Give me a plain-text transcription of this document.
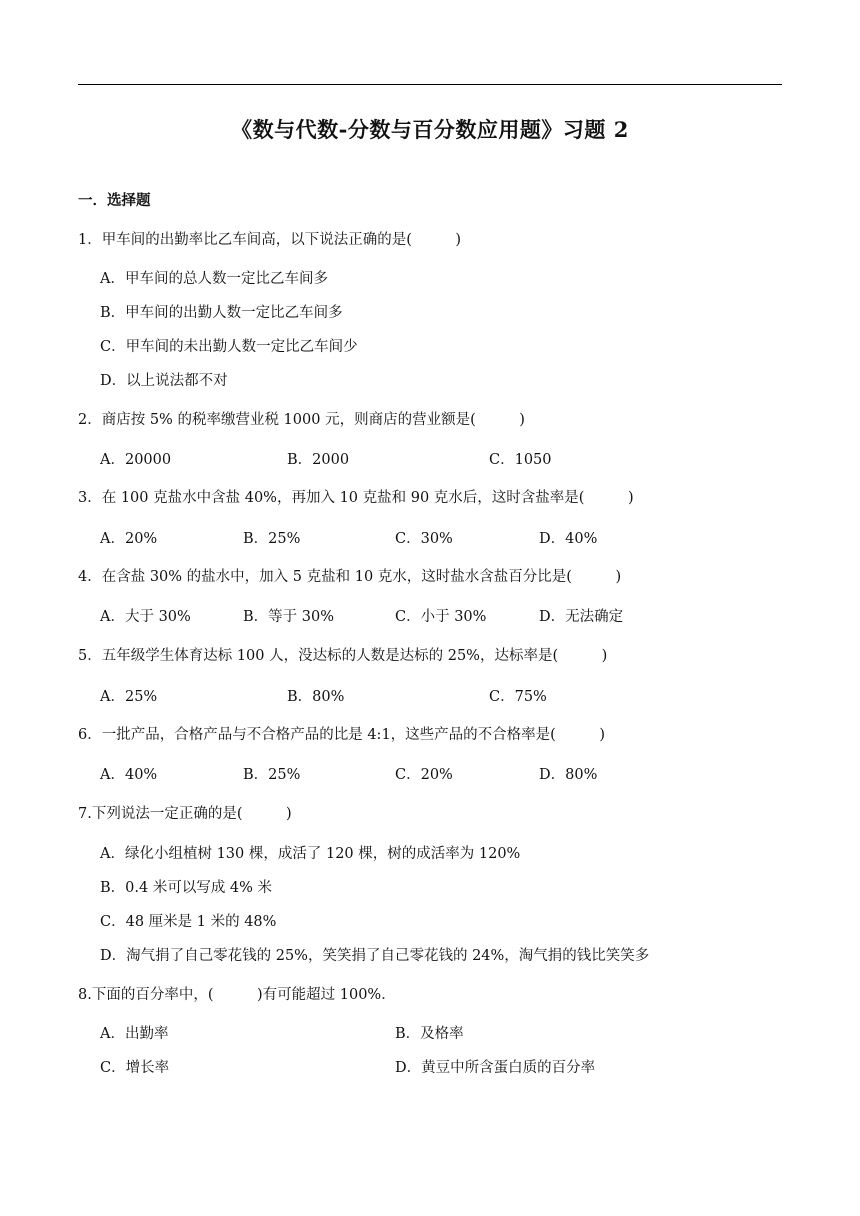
《数与代数-分数与百分数应用题》习题 2
一．选择题
1．甲车间的出勤率比乙车间高，以下说法正确的是(　　　)
A．甲车间的总人数一定比乙车间多
B．甲车间的出勤人数一定比乙车间多
C．甲车间的未出勤人数一定比乙车间少
D．以上说法都不对
2．商店按 5% 的税率缴营业税 1000 元，则商店的营业额是(　　　)
A．20000	B．2000	C．1050
3．在 100 克盐水中含盐 40%，再加入 10 克盐和 90 克水后，这时含盐率是(　　　)
A．20%	B．25%	C．30%	D．40%
4．在含盐 30% 的盐水中，加入 5 克盐和 10 克水，这时盐水含盐百分比是(　　　)
A．大于 30%	B．等于 30%	C．小于 30%	D．无法确定
5．五年级学生体育达标 100 人，没达标的人数是达标的 25%，达标率是(　　　)
A．25%	B．80%	C．75%
6．一批产品，合格产品与不合格产品的比是 4:1，这些产品的不合格率是(　　　)
A．40%	B．25%	C．20%	D．80%
7.下列说法一定正确的是(　　　)
A．绿化小组植树 130 棵，成活了 120 棵，树的成活率为 120%
B．0.4 米可以写成 4% 米
C．48 厘米是 1 米的 48%
D．淘气捐了自己零花钱的 25%，笑笑捐了自己零花钱的 24%，淘气捐的钱比笑笑多
8.下面的百分率中，(　　　)有可能超过 100%．
A．出勤率	B．及格率
C．增长率	D．黄豆中所含蛋白质的百分率
